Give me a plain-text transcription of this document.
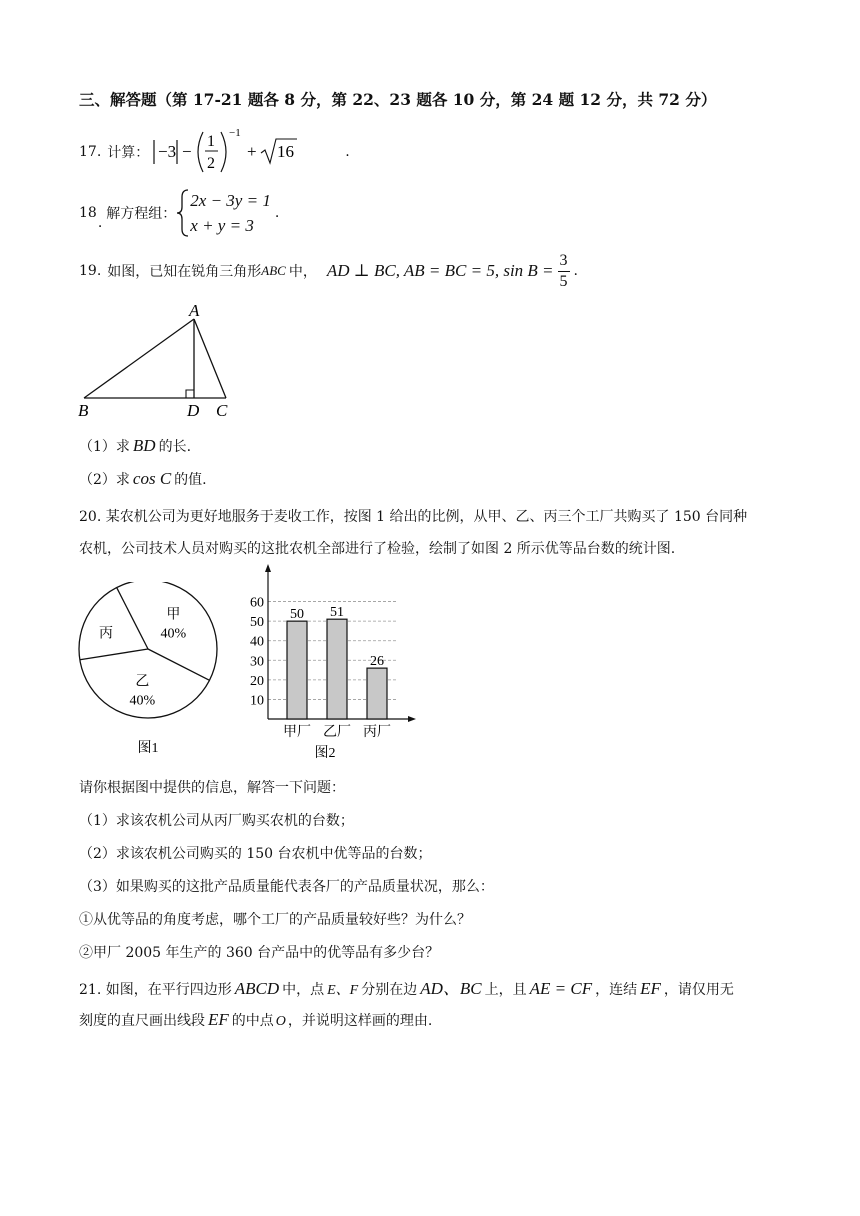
三、解答题（第 17-21 题各 8 分，第 22、23 题各 10 分，第 24 题 12 分，共 72 分）
17. 计算： −3 −
1
2
−1
+ 16	.
18
.
解方程组：
2x − 3y = 1
x + y = 3
.
19. 如图，已知在锐角三角形 ABC 中， AD ⊥ BC, AB = BC = 5, $\sin B = \frac{3}{5}$ .
A
B	D C
（1）求 BD 的长.
（2）求 cos C 的值.
20. 某农机公司为更好地服务于麦收工作，按图 1 给出的比例，从甲、乙、丙三个工厂共购买了 150 台同种
农机，公司技术人员对购买的这批农机全部进行了检验，绘制了如图 2 所示优等品台数的统计图.
甲 40%
乙 40%
丙
图1
10
20
30
40
50
60
50
甲厂
51
乙厂
26
丙厂
图2
请你根据图中提供的信息，解答一下问题：
（1）求该农机公司从丙厂购买农机的台数；
（2）求该农机公司购买的 150 台农机中优等品的台数；
（3）如果购买的这批产品质量能代表各厂的产品质量状况，那么：
①从优等品的角度考虑，哪个工厂的产品质量较好些？为什么？
②甲厂 2005 年生产的 360 台产品中的优等品有多少台？
21. 如图，在平行四边形 ABCD 中，点 E、F 分别在边 AD、BC 上，且 AE = CF ，连结 EF ，请仅用无
刻度的直尺画出线段 EF 的中点 O ，并说明这样画的理由.
